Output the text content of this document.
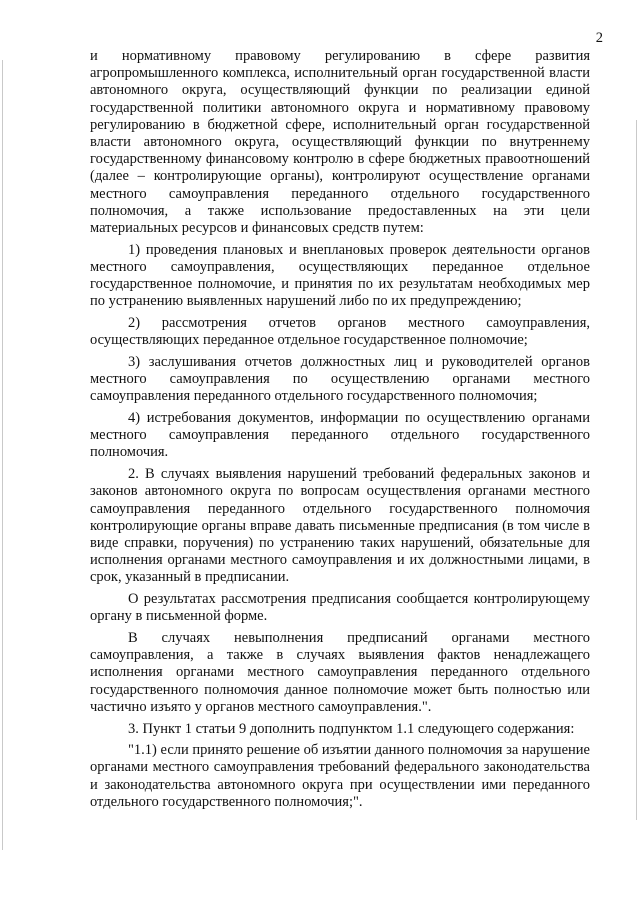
2

и нормативному правовому регулированию в сфере развития агропромышленного комплекса, исполнительный орган государственной власти автономного округа, осуществляющий функции по реализации единой государственной политики автономного округа и нормативному правовому регулированию в бюджетной сфере, исполнительный орган государственной власти автономного округа, осуществляющий функции по внутреннему государственному финансовому контролю в сфере бюджетных правоотношений (далее – контролирующие органы), контролируют осуществление органами местного самоуправления переданного отдельного государственного полномочия, а также использование предоставленных на эти цели материальных ресурсов и финансовых средств путем:

1) проведения плановых и внеплановых проверок деятельности органов местного самоуправления, осуществляющих переданное отдельное государственное полномочие, и принятия по их результатам необходимых мер по устранению выявленных нарушений либо по их предупреждению;

2) рассмотрения отчетов органов местного самоуправления, осуществляющих переданное отдельное государственное полномочие;

3) заслушивания отчетов должностных лиц и руководителей органов местного самоуправления по осуществлению органами местного самоуправления переданного отдельного государственного полномочия;

4) истребования документов, информации по осуществлению органами местного самоуправления переданного отдельного государственного полномочия.

2. В случаях выявления нарушений требований федеральных законов и законов автономного округа по вопросам осуществления органами местного самоуправления переданного отдельного государственного полномочия контролирующие органы вправе давать письменные предписания (в том числе в виде справки, поручения) по устранению таких нарушений, обязательные для исполнения органами местного самоуправления и их должностными лицами, в срок, указанный в предписании.

О результатах рассмотрения предписания сообщается контролирующему органу в письменной форме.

В случаях невыполнения предписаний органами местного самоуправления, а также в случаях выявления фактов ненадлежащего исполнения органами местного самоуправления переданного отдельного государственного полномочия данное полномочие может быть полностью или частично изъято у органов местного самоуправления.".

3. Пункт 1 статьи 9 дополнить подпунктом 1.1 следующего содержания:

"1.1) если принято решение об изъятии данного полномочия за нарушение органами местного самоуправления требований федерального законодательства и законодательства автономного округа при осуществлении ими переданного отдельного государственного полномочия;".
